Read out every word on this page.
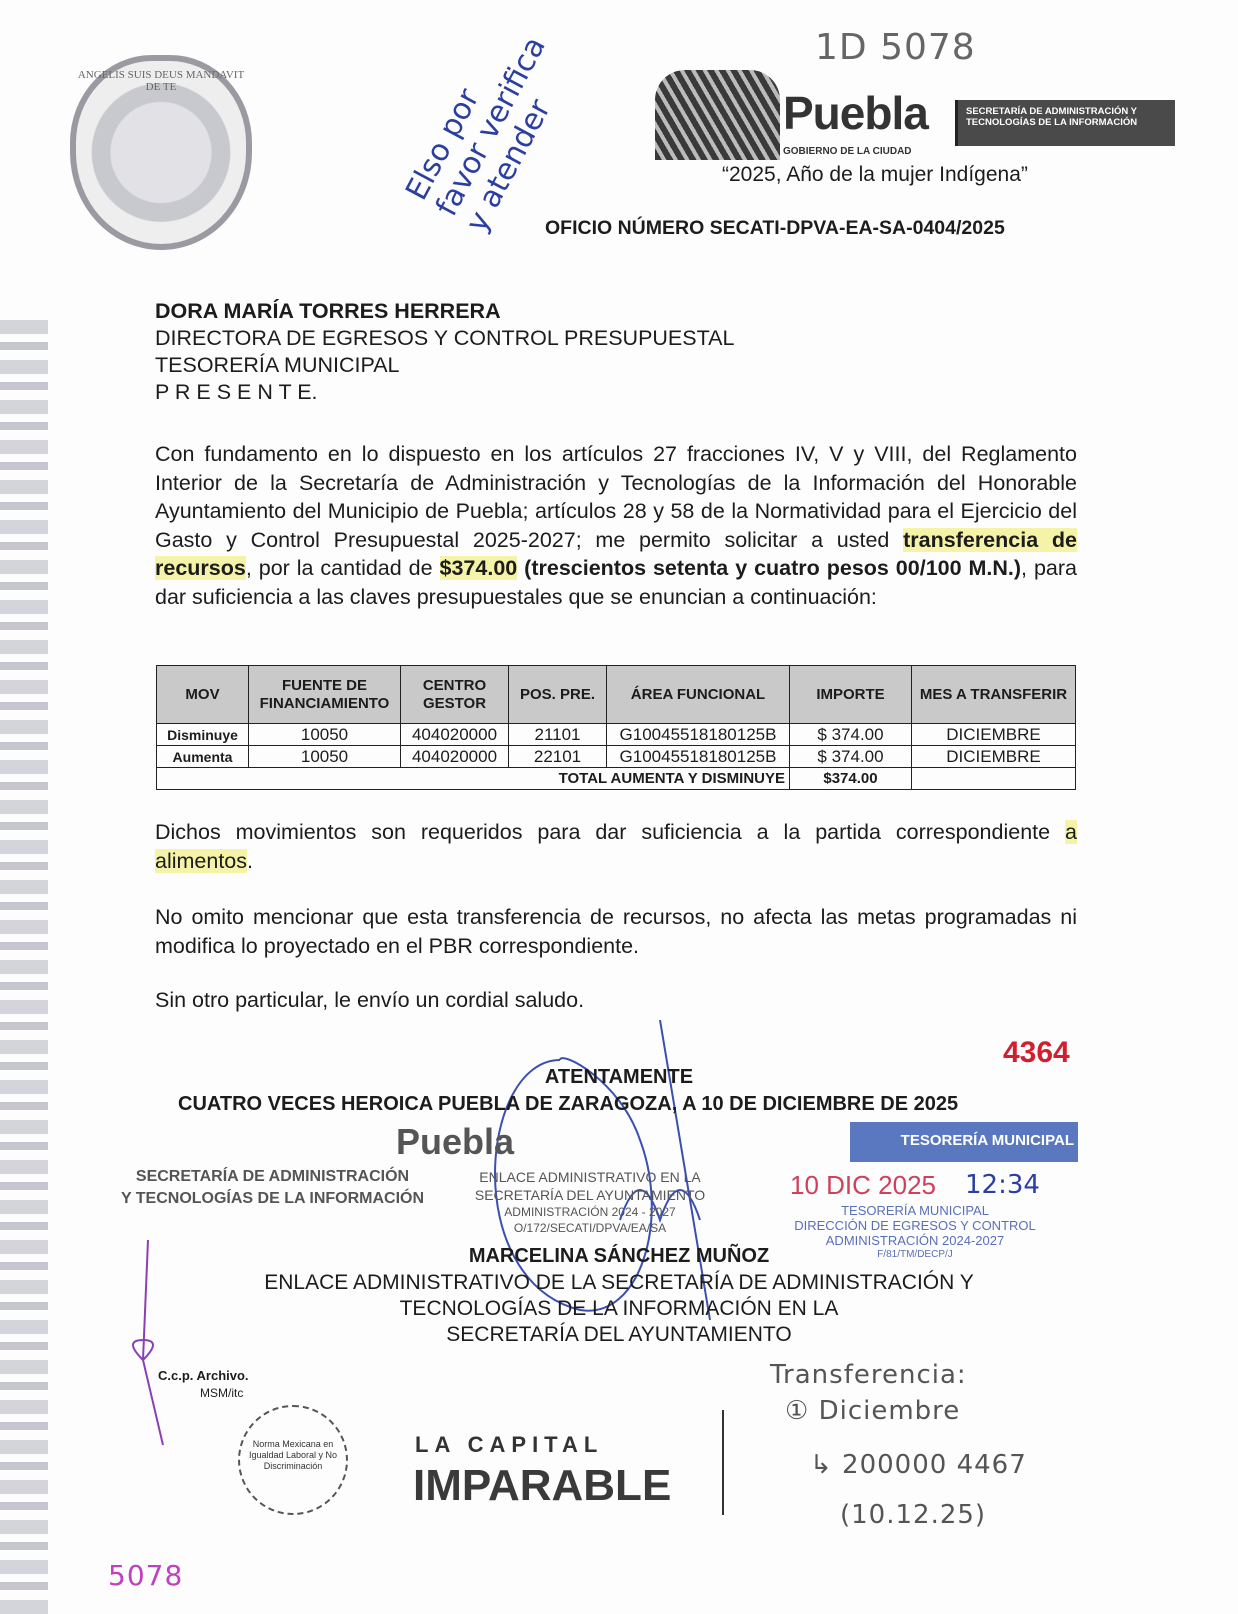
ANGELIS SUIS DEUS MANDAVIT DE TE	Elso por favor verifica y atender
1D 5078
Puebla
GOBIERNO DE LA CIUDAD
SECRETARÍA DE ADMINISTRACIÓN Y TECNOLOGÍAS DE LA INFORMACIÓN
“2025, Año de la mujer Indígena”
OFICIO NÚMERO SECATI-DPVA-EA-SA-0404/2025
DORA MARÍA TORRES HERRERA
DIRECTORA DE EGRESOS Y CONTROL PRESUPUESTAL
TESORERÍA MUNICIPAL
P R E S E N T E.
Con fundamento en lo dispuesto en los artículos 27 fracciones IV, V y VIII, del Reglamento Interior de la Secretaría de Administración y Tecnologías de la Información del Honorable Ayuntamiento del Municipio de Puebla; artículos 28 y 58 de la Normatividad para el Ejercicio del Gasto y Control Presupuestal 2025-2027; me permito solicitar a usted transferencia de recursos, por la cantidad de $374.00 (trescientos setenta y cuatro pesos 00/100 M.N.), para dar suficiencia a las claves presupuestales que se enuncian a continuación:
MOV	FUENTE DE FINANCIAMIENTO	CENTRO GESTOR	POS. PRE.	ÁREA FUNCIONAL	IMPORTE	MES A TRANSFERIR
Disminuye	10050	404020000	21101	G10045518180125B	$ 374.00	DICIEMBRE
Aumenta	10050	404020000	22101	G10045518180125B	$ 374.00	DICIEMBRE
TOTAL AUMENTA Y DISMINUYE					$374.00	
Dichos movimientos son requeridos para dar suficiencia a la partida correspondiente a alimentos.
No omito mencionar que esta transferencia de recursos, no afecta las metas programadas ni modifica lo proyectado en el PBR correspondiente.
Sin otro particular, le envío un cordial saludo.
ATENTAMENTE
CUATRO VECES HEROICA PUEBLA DE ZARAGOZA, A 10 DE DICIEMBRE DE 2025
Puebla
SECRETARÍA DE ADMINISTRACIÓN
Y TECNOLOGÍAS DE LA INFORMACIÓN
ENLACE ADMINISTRATIVO EN LA
SECRETARÍA DEL AYUNTAMIENTO
ADMINISTRACIÓN 2024 - 2027
O/172/SECATI/DPVA/EA/SA
TESORERÍA MUNICIPAL
10 DIC 2025 12:34
TESORERÍA MUNICIPAL
DIRECCIÓN DE EGRESOS Y CONTROL
ADMINISTRACIÓN 2024-2027
F/81/TM/DECP/J
4364
MARCELINA SÁNCHEZ MUÑOZ
ENLACE ADMINISTRATIVO DE LA SECRETARÍA DE ADMINISTRACIÓN Y
TECNOLOGÍAS DE LA INFORMACIÓN EN LA
SECRETARÍA DEL AYUNTAMIENTO
C.c.p. Archivo.
MSM/itc
Norma Mexicana en Igualdad Laboral y No Discriminación
LA CAPITAL
IMPARABLE
Transferencia:
① Diciembre
↳ 200000 4467
(10.12.25)
5078
